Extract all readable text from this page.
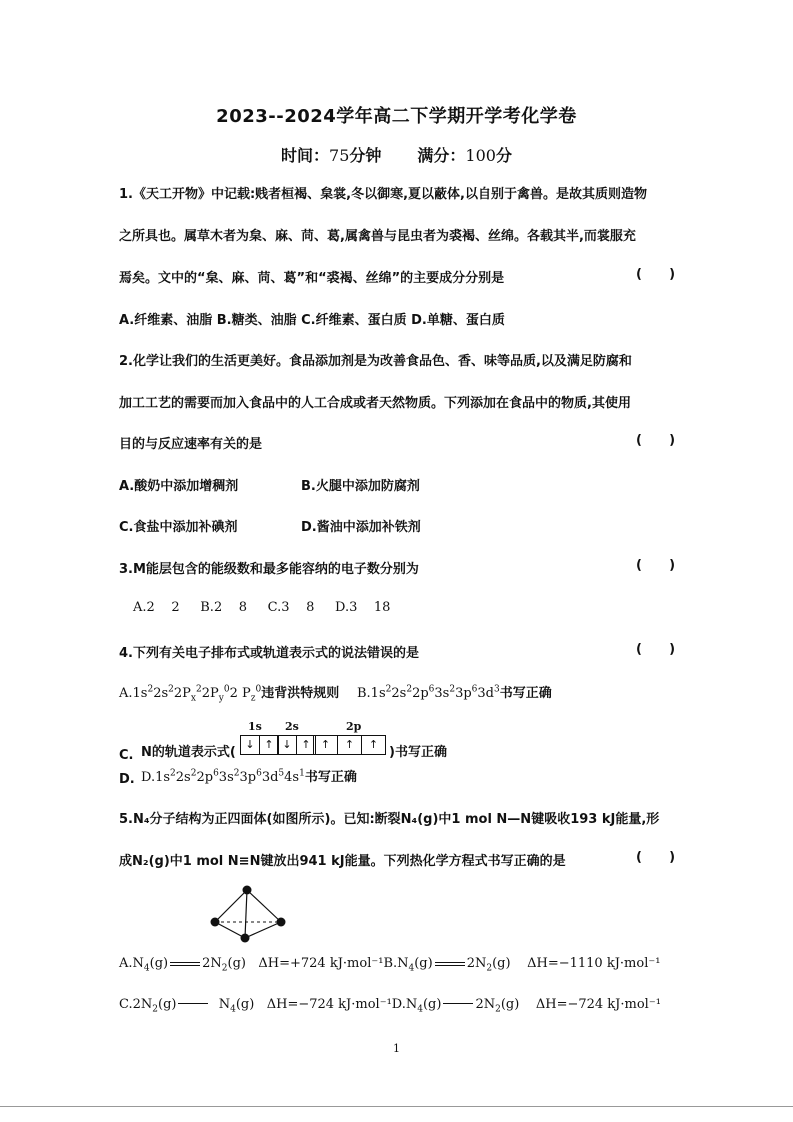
2023--2024学年高二下学期开学考化学卷
时间：75分钟 满分：100分
1.《天工开物》中记载:贱者桓褐、枲裳,冬以御寒,夏以蔽体,以自别于禽兽。是故其质则造物
之所具也。属草木者为枲、麻、苘、葛,属禽兽与昆虫者为裘褐、丝绵。各载其半,而裳服充
焉矣。文中的“枲、麻、苘、葛”和“裘褐、丝绵”的主要成分分别是	(      )
A.纤维素、油脂 B.糖类、油脂 C.纤维素、蛋白质 D.单糖、蛋白质
2.化学让我们的生活更美好。食品添加剂是为改善食品色、香、味等品质,以及满足防腐和
加工工艺的需要而加入食品中的人工合成或者天然物质。下列添加在食品中的物质,其使用
目的与反应速率有关的是	(      )
A.酸奶中添加增稠剂	B.火腿中添加防腐剂
C.食盐中添加补碘剂	D.酱油中添加补铁剂
3.M能层包含的能级数和最多能容纳的电子数分别为	(      )
A.2    2     B.2    8     C.3    8     D.3    18
4.下列有关电子排布式或轨道表示式的说法错误的是	(      )
$A.1s^22s^22P_x^22P_y^02$ $P_z^0$违背洪特规则 $B.1s^22s^22p^63s^23p^63d^3$书写正确
1s 2s	2p
C. N的轨道表示式(
↓ ↑ ↓ ↑ ↑	↑	↑
)书写正确
D. $D.1s^22s^22p^63s^23p^63d^54s^1$书写正确
5.N₄分子结构为正四面体(如图所示)。已知:断裂N₄(g)中1 mol N—N键吸收193 kJ能量,形
成N₂(g)中1 mol N≡N键放出941 kJ能量。下列热化学方程式书写正确的是	(      )
$A.N_4(g)$	$2N_2(g)$   ΔH=+724 $kJ\cdot mol^{-1}B.N_4(g)$	$2N_2(g)$    ΔH=−1110 kJ·mol⁻¹
$C.2N_2(g)$	$N_4(g)$   ΔH=−724 $kJ\cdot mol^{-1}D.N_4(g)$	$2N_2(g)$    ΔH=−724 kJ·mol⁻¹
1
